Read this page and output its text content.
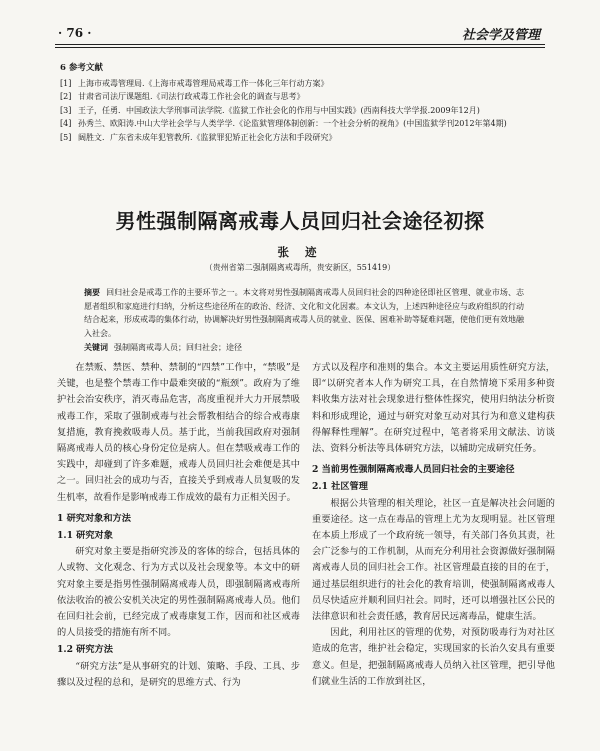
· 76 ·	社会学及管理
6 参考文献
[1] 上海市戒毒管理局.《上海市戒毒管理局戒毒工作一体化三年行动方案》
[2] 甘肃省司法厅课题组.《司法行政戒毒工作社会化的调查与思考》
[3] 王子，任勇．中国政法大学刑事司法学院.《监狱工作社会化的作用与中国实践》(西南科技大学学报.2009年12月)
[4] 孙秀兰、欧阳涛.中山大学社会学与人类学学.《论监狱管理体制创新：一个社会分析的视角》(中国监狱学刊2012年第4期)
[5] 阔胜文．广东省未成年犯管教所.《监狱罪犯矫正社会化方法和手段研究》
男性强制隔离戒毒人员回归社会途径初探
张 迹
（贵州省第二强制隔离戒毒所，贵安新区，551419）
摘要 回归社会是戒毒工作的主要环节之一。本文将对男性强制隔离戒毒人员回归社会的四种途径即社区管理、就业市场、志愿者组织和家庭进行归纳，分析这些途径所在的政治、经济、文化和文化因素。本文认为，上述四种途径应与政府组织的行动结合起来，形成戒毒的集体行动，协调解决好男性强制隔离戒毒人员的就业、医保、困难补助等疑难问题，使他们更有效地融入社会。
关键词 强制隔离戒毒人员；回归社会；途径

在禁贩、禁医、禁种、禁制的“四禁”工作中，“禁吸”是关键，也是整个禁毒工作中最难突破的“瓶颈”。政府为了维护社会治安秩序，消灭毒品危害，高度重视并大力开展禁吸戒毒工作，采取了强制戒毒与社会帮教相结合的综合戒毒康复措施，教育挽救吸毒人员。基于此，当前我国政府对强制隔离戒毒人员的核心身份定位是病人。但在禁吸戒毒工作的实践中，却碰到了许多难题，戒毒人员回归社会难便是其中之一。回归社会的成功与否，直接关乎到戒毒人员复吸的发生机率，故看作是影响戒毒工作成效的最有力正相关因子。

1 研究对象和方法
1.1 研究对象

研究对象主要是指研究涉及的客体的综合，包括具体的人或物、文化观念、行为方式以及社会现象等。本文中的研究对象主要是指男性强制隔离戒毒人员，即强制隔离戒毒所依法收治的被公安机关决定的男性强制隔离戒毒人员。他们在回归社会前，已经完成了戒毒康复工作，因而和社区戒毒的人员接受的措施有所不同。

1.2 研究方法

“研究方法”是从事研究的计划、策略、手段、工具、步骤以及过程的总和，是研究的思维方式、行为

方式以及程序和准则的集合。本文主要运用质性研究方法，即“以研究者本人作为研究工具，在自然情境下采用多种资料收集方法对社会现象进行整体性探究，使用归纳法分析资料和形成理论，通过与研究对象互动对其行为和意义建构获得解释性理解”。在研究过程中，笔者将采用文献法、访谈法、资料分析法等具体研究方法，以辅助完成研究任务。

2 当前男性强制隔离戒毒人员回归社会的主要途径
2.1 社区管理

根据公共管理的相关理论，社区一直是解决社会问题的重要途径。这一点在毒品的管理上尤为友现明显。社区管理在本质上形成了一个政府统一领导，有关部门各负其责，社会广泛参与的工作机制，从而充分利用社会资源做好强制隔离戒毒人员的回归社会工作。社区管理最直接的目的在于，通过基层组织进行的社会化的教育培训，使强制隔离戒毒人员尽快适应并顺利回归社会。同时，还可以增强社区公民的法律意识和社会责任感，教育居民远离毒品，健康生活。

因此，利用社区的管理的优势，对预防吸毒行为对社区造成的危害，维护社会稳定，实现国家的长治久安具有重要意义。但是，把强制隔离戒毒人员纳入社区管理，把引导他们就业生活的工作放到社区，
